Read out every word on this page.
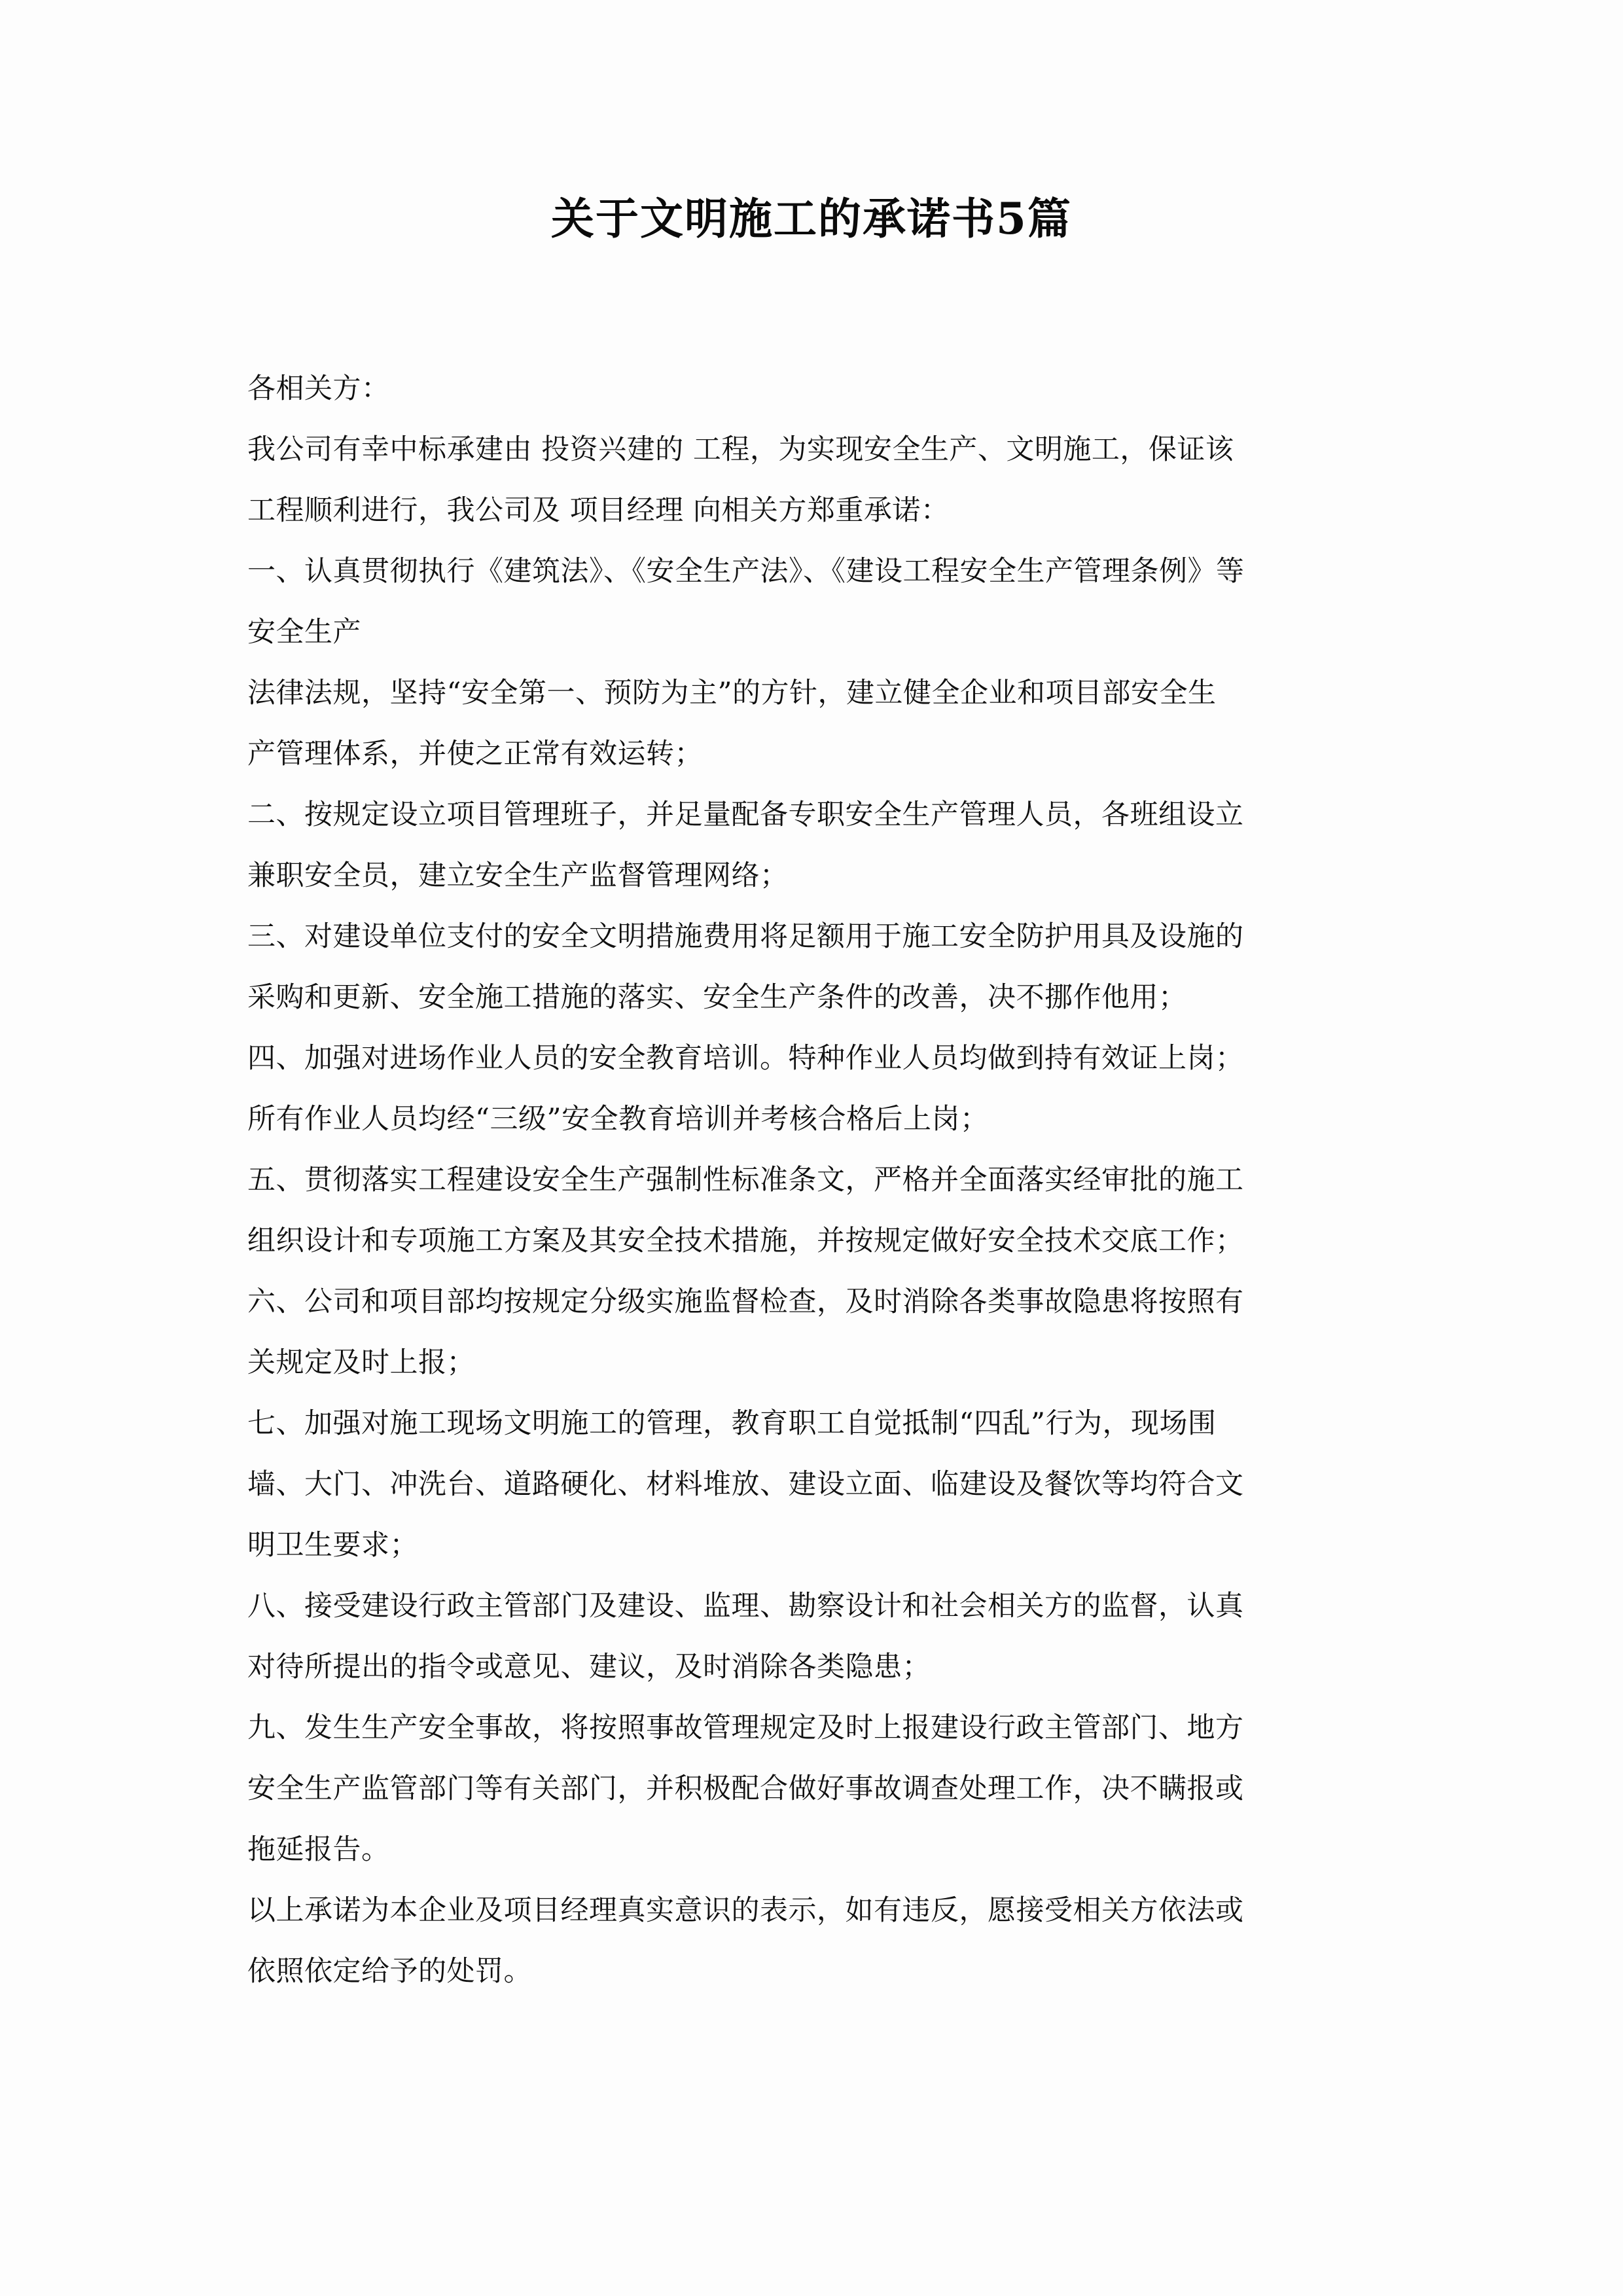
关于文明施工的承诺书5篇
各相关方：
我公司有幸中标承建由 投资兴建的 工程，为实现安全生产、文明施工，保证该
工程顺利进行，我公司及 项目经理 向相关方郑重承诺：
一、认真贯彻执行《建筑法》、《安全生产法》、《建设工程安全生产管理条例》等
安全生产
法律法规，坚持“安全第一、预防为主”的方针，建立健全企业和项目部安全生
产管理体系，并使之正常有效运转；
二、按规定设立项目管理班子，并足量配备专职安全生产管理人员，各班组设立
兼职安全员，建立安全生产监督管理网络；
三、对建设单位支付的安全文明措施费用将足额用于施工安全防护用具及设施的
采购和更新、安全施工措施的落实、安全生产条件的改善，决不挪作他用；
四、加强对进场作业人员的安全教育培训。特种作业人员均做到持有效证上岗；
所有作业人员均经“三级”安全教育培训并考核合格后上岗；
五、贯彻落实工程建设安全生产强制性标准条文，严格并全面落实经审批的施工
组织设计和专项施工方案及其安全技术措施，并按规定做好安全技术交底工作；
六、公司和项目部均按规定分级实施监督检查，及时消除各类事故隐患将按照有
关规定及时上报；
七、加强对施工现场文明施工的管理，教育职工自觉抵制“四乱”行为，现场围
墙、大门、冲洗台、道路硬化、材料堆放、建设立面、临建设及餐饮等均符合文
明卫生要求；
八、接受建设行政主管部门及建设、监理、勘察设计和社会相关方的监督，认真
对待所提出的指令或意见、建议，及时消除各类隐患；
九、发生生产安全事故，将按照事故管理规定及时上报建设行政主管部门、地方
安全生产监管部门等有关部门，并积极配合做好事故调查处理工作，决不瞒报或
拖延报告。
以上承诺为本企业及项目经理真实意识的表示，如有违反，愿接受相关方依法或
依照依定给予的处罚。
